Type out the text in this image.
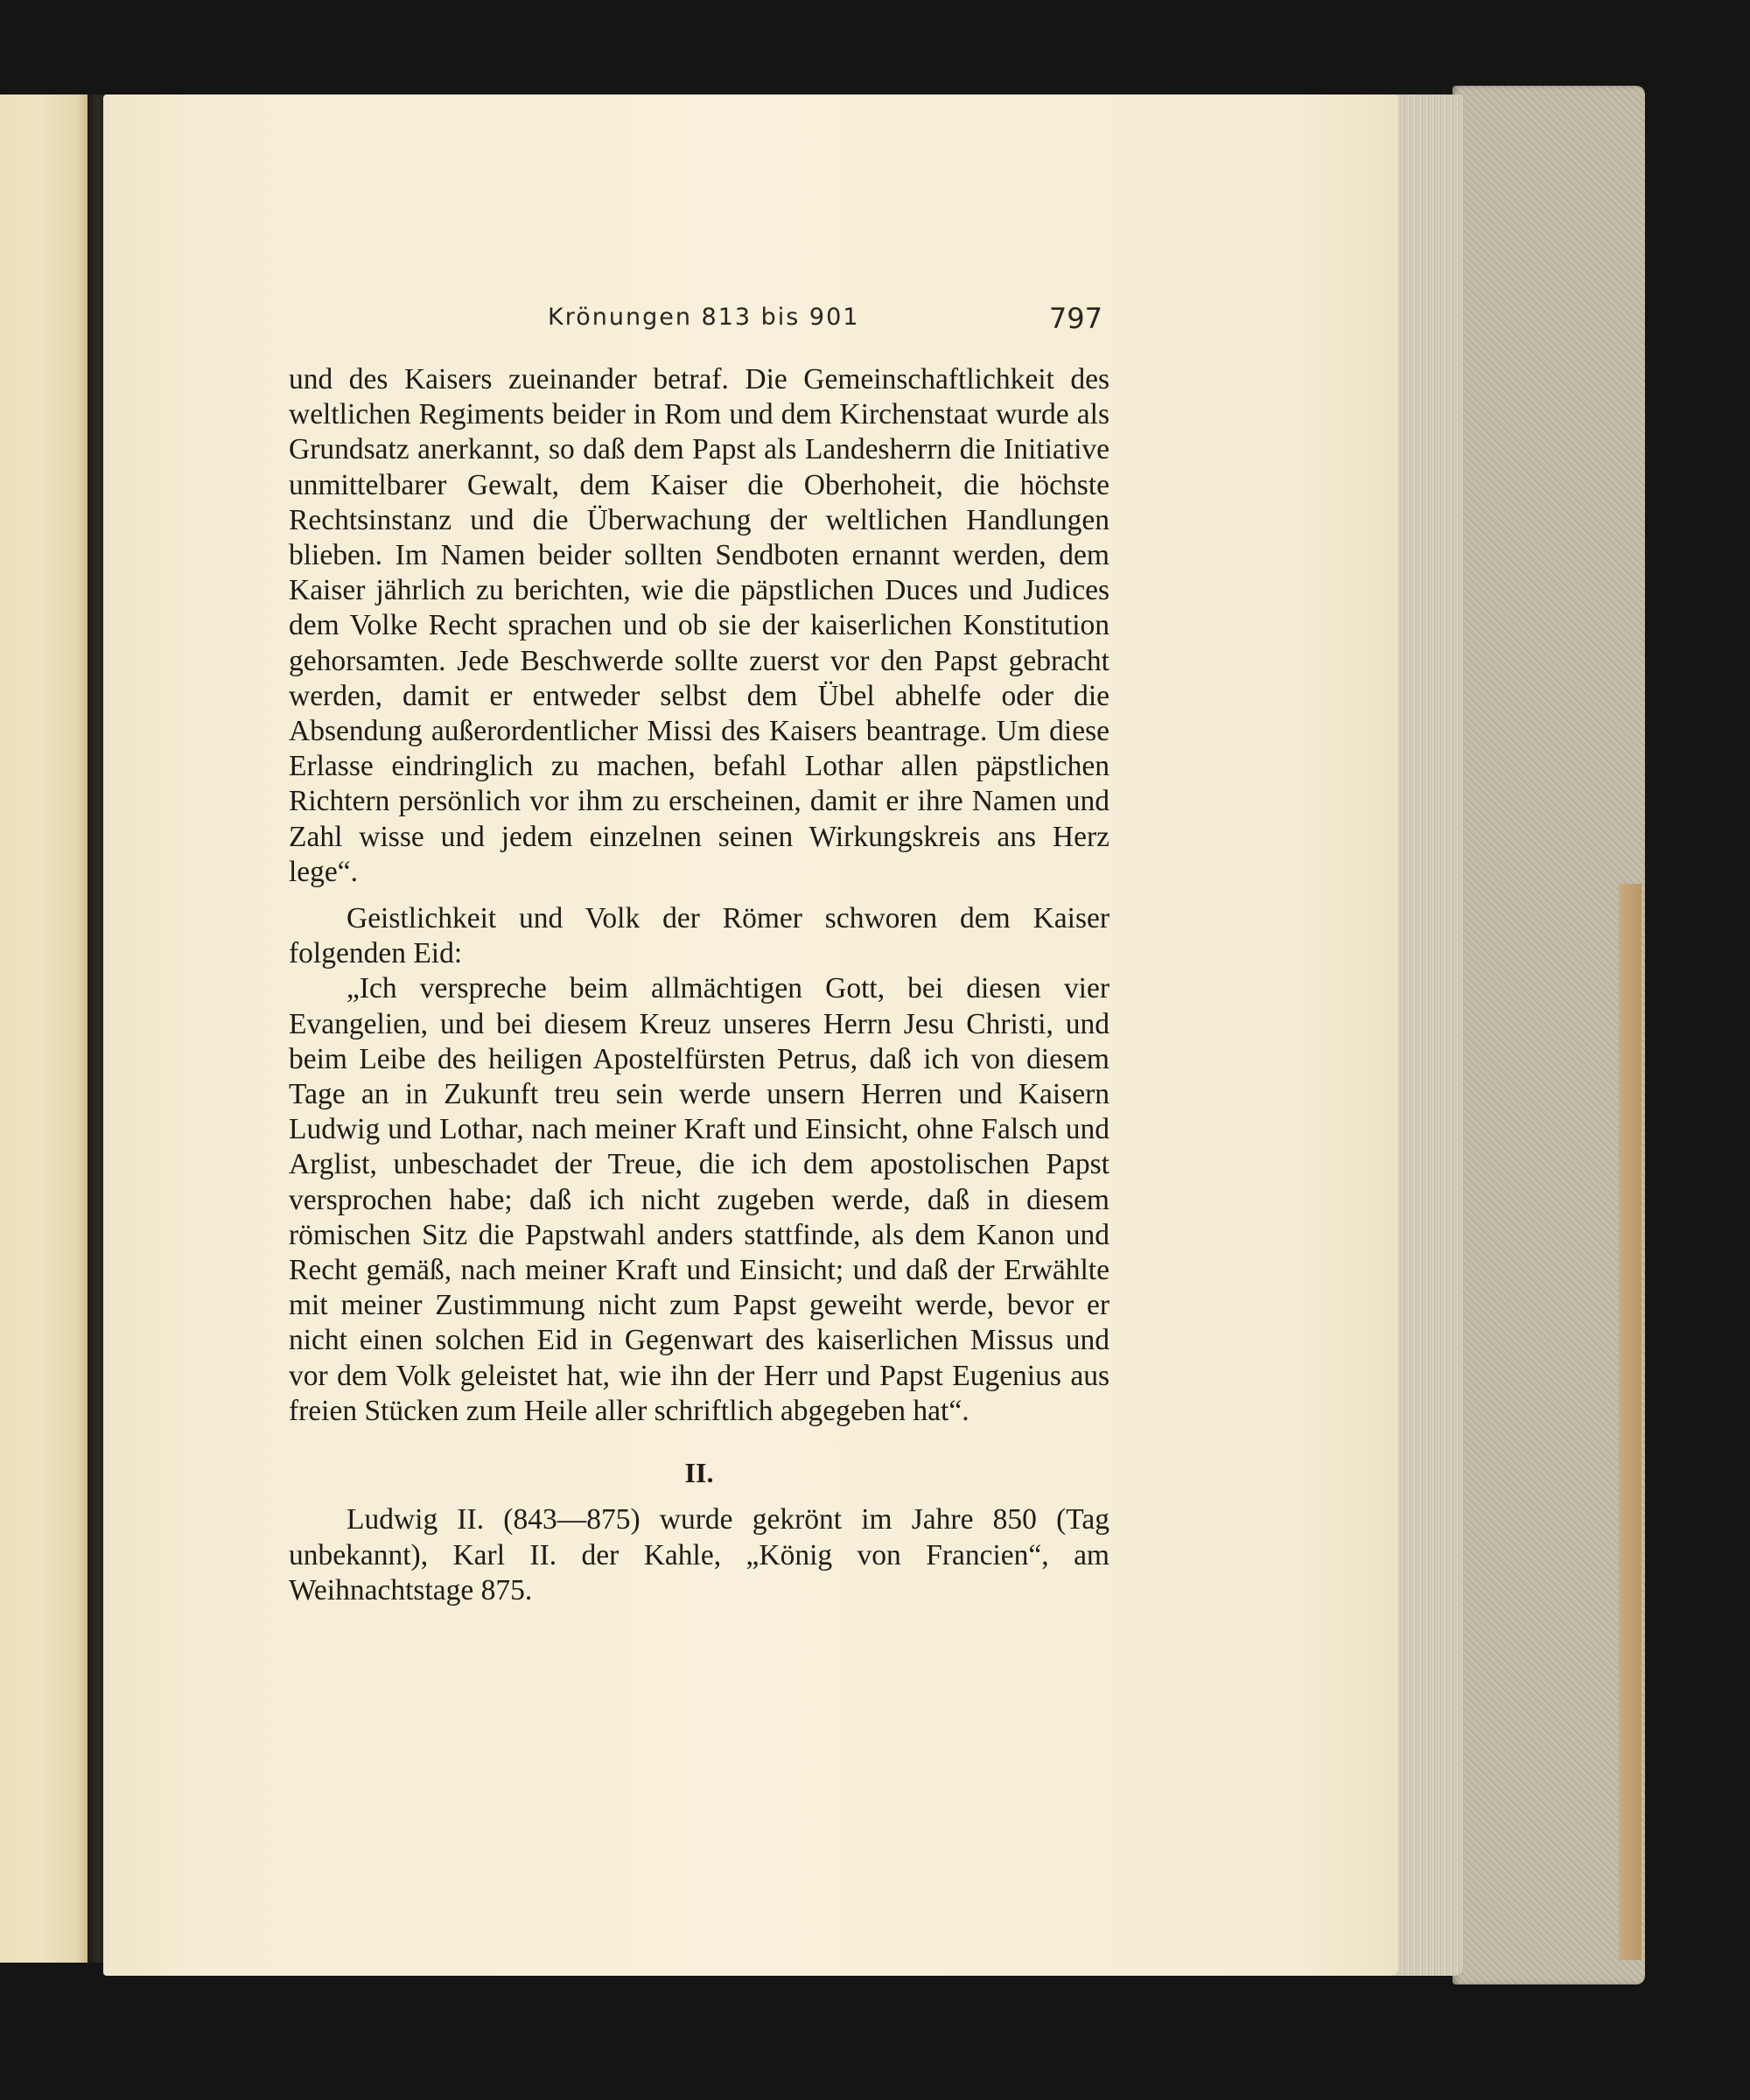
Krönungen 813 bis 901	797

und des Kaisers zueinander betraf. Die Gemeinschaftlichkeit des weltlichen Regiments beider in Rom und dem Kirchenstaat wurde als Grundsatz anerkannt, so daß dem Papst als Landesherrn die Initiative unmittelbarer Gewalt, dem Kaiser die Oberhoheit, die höchste Rechtsinstanz und die Überwachung der weltlichen Handlungen blieben. Im Namen beider sollten Sendboten ernannt werden, dem Kaiser jährlich zu berichten, wie die päpstlichen Duces und Judices dem Volke Recht sprachen und ob sie der kaiserlichen Konstitution gehorsamten. Jede Beschwerde sollte zuerst vor den Papst gebracht werden, damit er entweder selbst dem Übel abhelfe oder die Absendung außerordentlicher Missi des Kaisers beantrage. Um diese Erlasse eindringlich zu machen, befahl Lothar allen päpstlichen Richtern persönlich vor ihm zu erscheinen, damit er ihre Namen und Zahl wisse und jedem einzelnen seinen Wirkungskreis ans Herz lege“.

Geistlichkeit und Volk der Römer schworen dem Kaiser folgenden Eid:

„Ich verspreche beim allmächtigen Gott, bei diesen vier Evangelien, und bei diesem Kreuz unseres Herrn Jesu Christi, und beim Leibe des heiligen Apostelfürsten Petrus, daß ich von diesem Tage an in Zukunft treu sein werde unsern Herren und Kaisern Ludwig und Lothar, nach meiner Kraft und Einsicht, ohne Falsch und Arglist, unbeschadet der Treue, die ich dem apostolischen Papst versprochen habe; daß ich nicht zugeben werde, daß in diesem römischen Sitz die Papstwahl anders stattfinde, als dem Kanon und Recht gemäß, nach meiner Kraft und Einsicht; und daß der Erwählte mit meiner Zustimmung nicht zum Papst geweiht werde, bevor er nicht einen solchen Eid in Gegenwart des kaiserlichen Missus und vor dem Volk geleistet hat, wie ihn der Herr und Papst Eugenius aus freien Stücken zum Heile aller schriftlich abgegeben hat“.

II.

Ludwig II. (843—875) wurde gekrönt im Jahre 850 (Tag unbekannt), Karl II. der Kahle, „König von Francien“, am Weihnachtstage 875.
